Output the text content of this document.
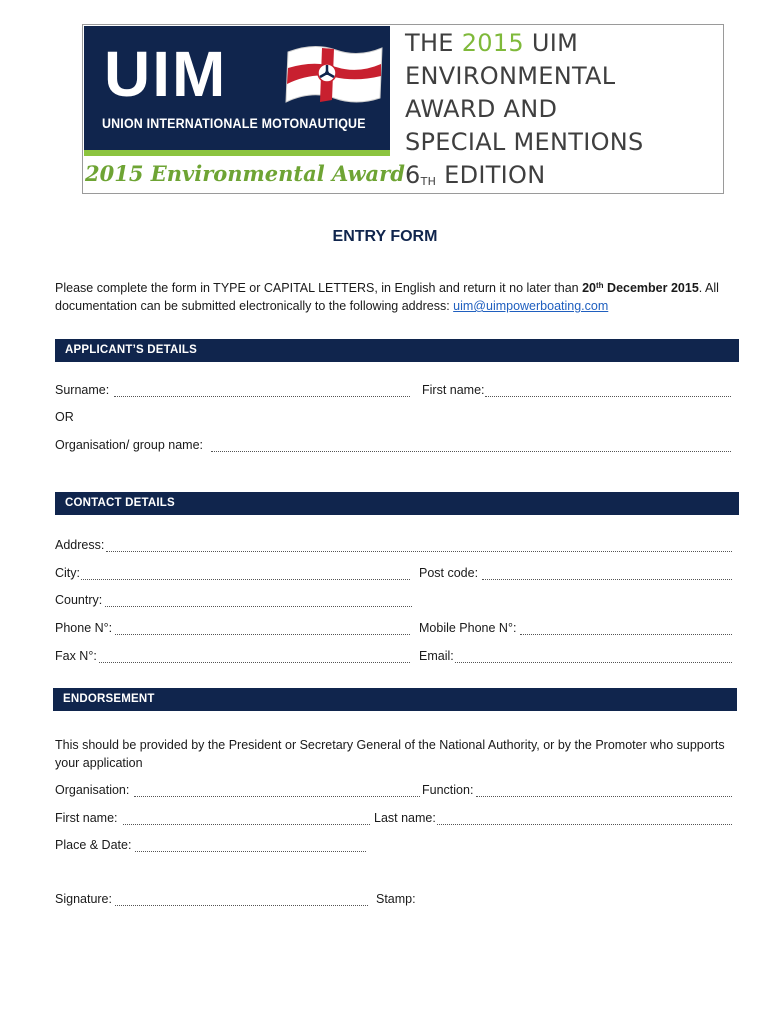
UIM
UNION INTERNATIONALE MOTONAUTIQUE
2015 Environmental Award
THE 2015 UIM
ENVIRONMENTAL
AWARD AND
SPECIAL MENTIONS
6TH EDITION
ENTRY FORM
Please complete the form in TYPE or CAPITAL LETTERS, in English and return it no later than 20th December 2015. All documentation can be submitted electronically to the following address: uim@uimpowerboating.com
APPLICANT’S DETAILS
Surname:	First name:
OR
Organisation/ group name:
CONTACT DETAILS
Address:
City:	Post code:
Country:
Phone N°:	Mobile Phone N°:
Fax N°:	Email:
ENDORSEMENT
This should be provided by the President or Secretary General of the National Authority, or by the Promoter who supports your application
Organisation:	Function:
First name:	Last name:
Place & Date:
Signature:	Stamp:
